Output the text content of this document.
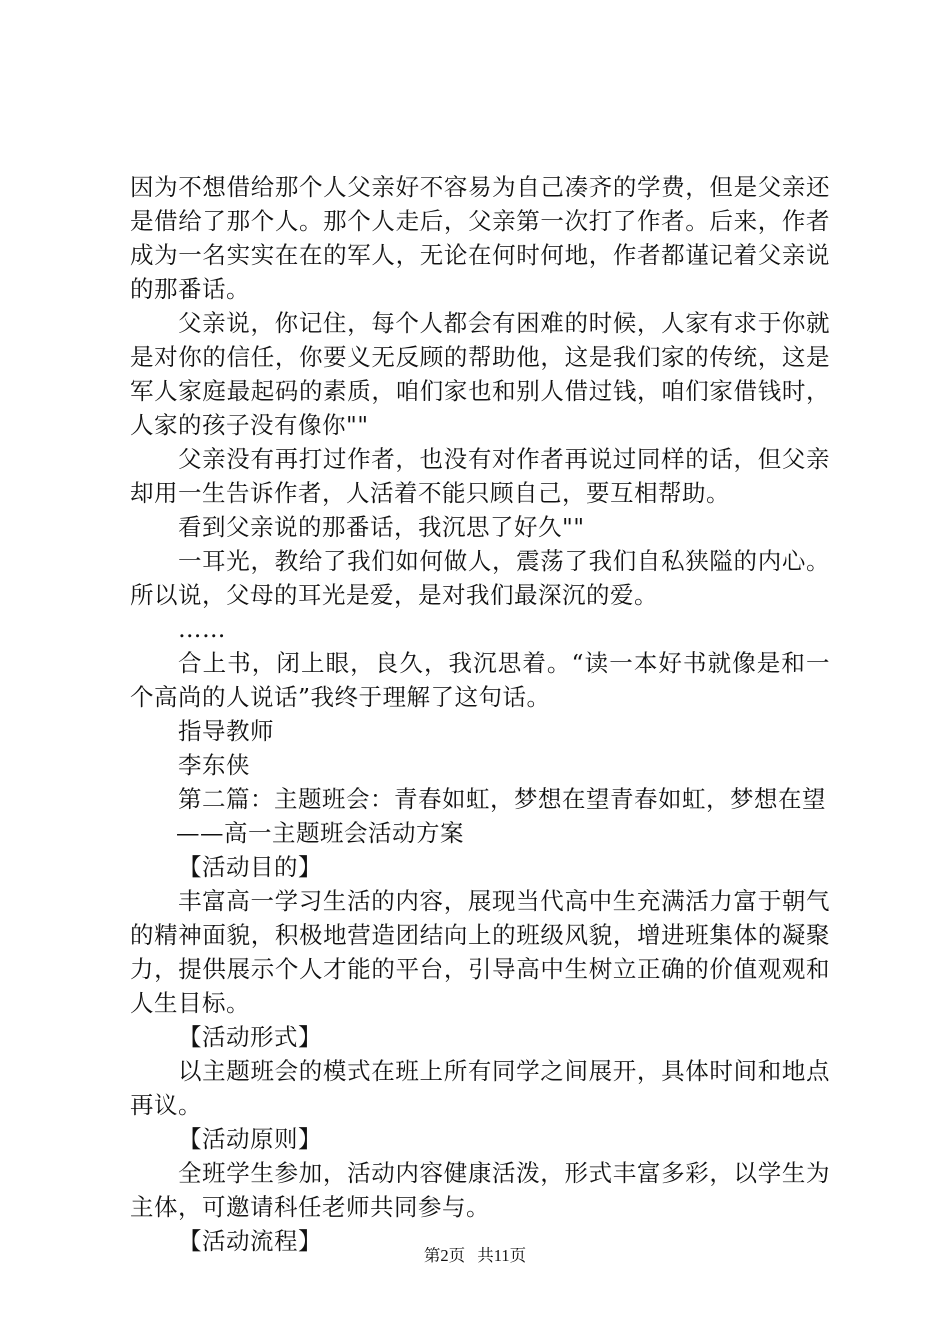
因为不想借给那个人父亲好不容易为自己凑齐的学费，但是父亲还是借给了那个人。那个人走后，父亲第一次打了作者。后来，作者成为一名实实在在的军人，无论在何时何地，作者都谨记着父亲说的那番话。

父亲说，你记住，每个人都会有困难的时候，人家有求于你就是对你的信任，你要义无反顾的帮助他，这是我们家的传统，这是军人家庭最起码的素质，咱们家也和别人借过钱，咱们家借钱时，人家的孩子没有像你""

父亲没有再打过作者，也没有对作者再说过同样的话，但父亲却用一生告诉作者，人活着不能只顾自己，要互相帮助。

看到父亲说的那番话，我沉思了好久""

一耳光，教给了我们如何做人，震荡了我们自私狭隘的内心。所以说，父母的耳光是爱，是对我们最深沉的爱。

……

合上书，闭上眼，良久，我沉思着。“读一本好书就像是和一个高尚的人说话”我终于理解了这句话。

指导教师

李东侠

第二篇：主题班会：青春如虹，梦想在望青春如虹，梦想在望

——高一主题班会活动方案

【活动目的】

丰富高一学习生活的内容，展现当代高中生充满活力富于朝气的精神面貌，积极地营造团结向上的班级风貌，增进班集体的凝聚力，提供展示个人才能的平台，引导高中生树立正确的价值观观和人生目标。

【活动形式】

以主题班会的模式在班上所有同学之间展开，具体时间和地点再议。

【活动原则】

全班学生参加，活动内容健康活泼，形式丰富多彩，以学生为主体，可邀请科任老师共同参与。

【活动流程】

第2页 共11页
